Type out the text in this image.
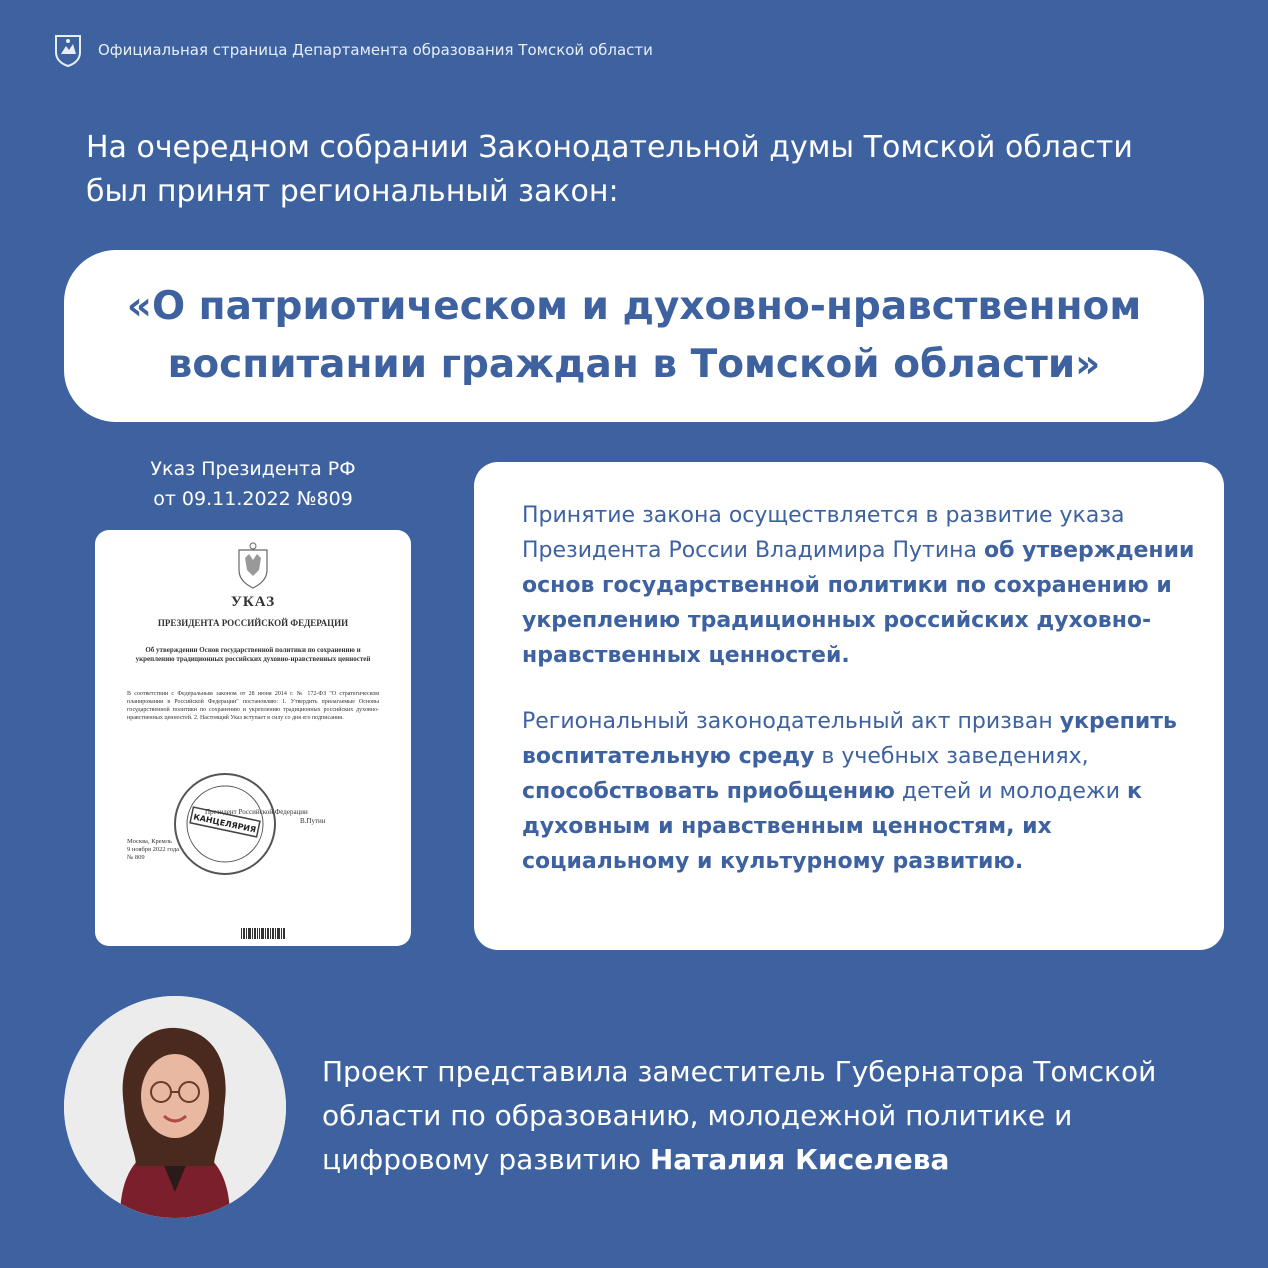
Официальная страница Департамента образования Томской области
На очередном собрании Законодательной думы Томской области
был принят региональный закон:
«О патриотическом и духовно-нравственном
воспитании граждан в Томской области»
Указ Президента РФ
от 09.11.2022 №809
УКАЗ
ПРЕЗИДЕНТА РОССИЙСКОЙ ФЕДЕРАЦИИ
Об утверждении Основ государственной политики по сохранению и укреплению традиционных российских духовно-нравственных ценностей

В соответствии с Федеральным законом от 28 июня 2014 г. № 172-ФЗ "О стратегическом планировании в Российской Федерации" постановляю: 1. Утвердить прилагаемые Основы государственной политики по сохранению и укреплению традиционных российских духовно-нравственных ценностей. 2. Настоящий Указ вступает в силу со дня его подписания.

КАНЦЕЛЯРИЯ
Президент Российской Федерации
В.Путин
Москва, Кремль
9 ноября 2022 года
№ 809

Принятие закона осуществляется в развитие указа Президента России Владимира Путина об утверждении основ государственной политики по сохранению и укреплению традиционных российских духовно-нравственных ценностей.

Региональный законодательный акт призван укрепить воспитательную среду в учебных заведениях, способствовать приобщению детей и молодежи к духовным и нравственным ценностям, их социальному и культурному развитию.

Проект представила заместитель Губернатора Томской области по образованию, молодежной политике и цифровому развитию Наталия Киселева
